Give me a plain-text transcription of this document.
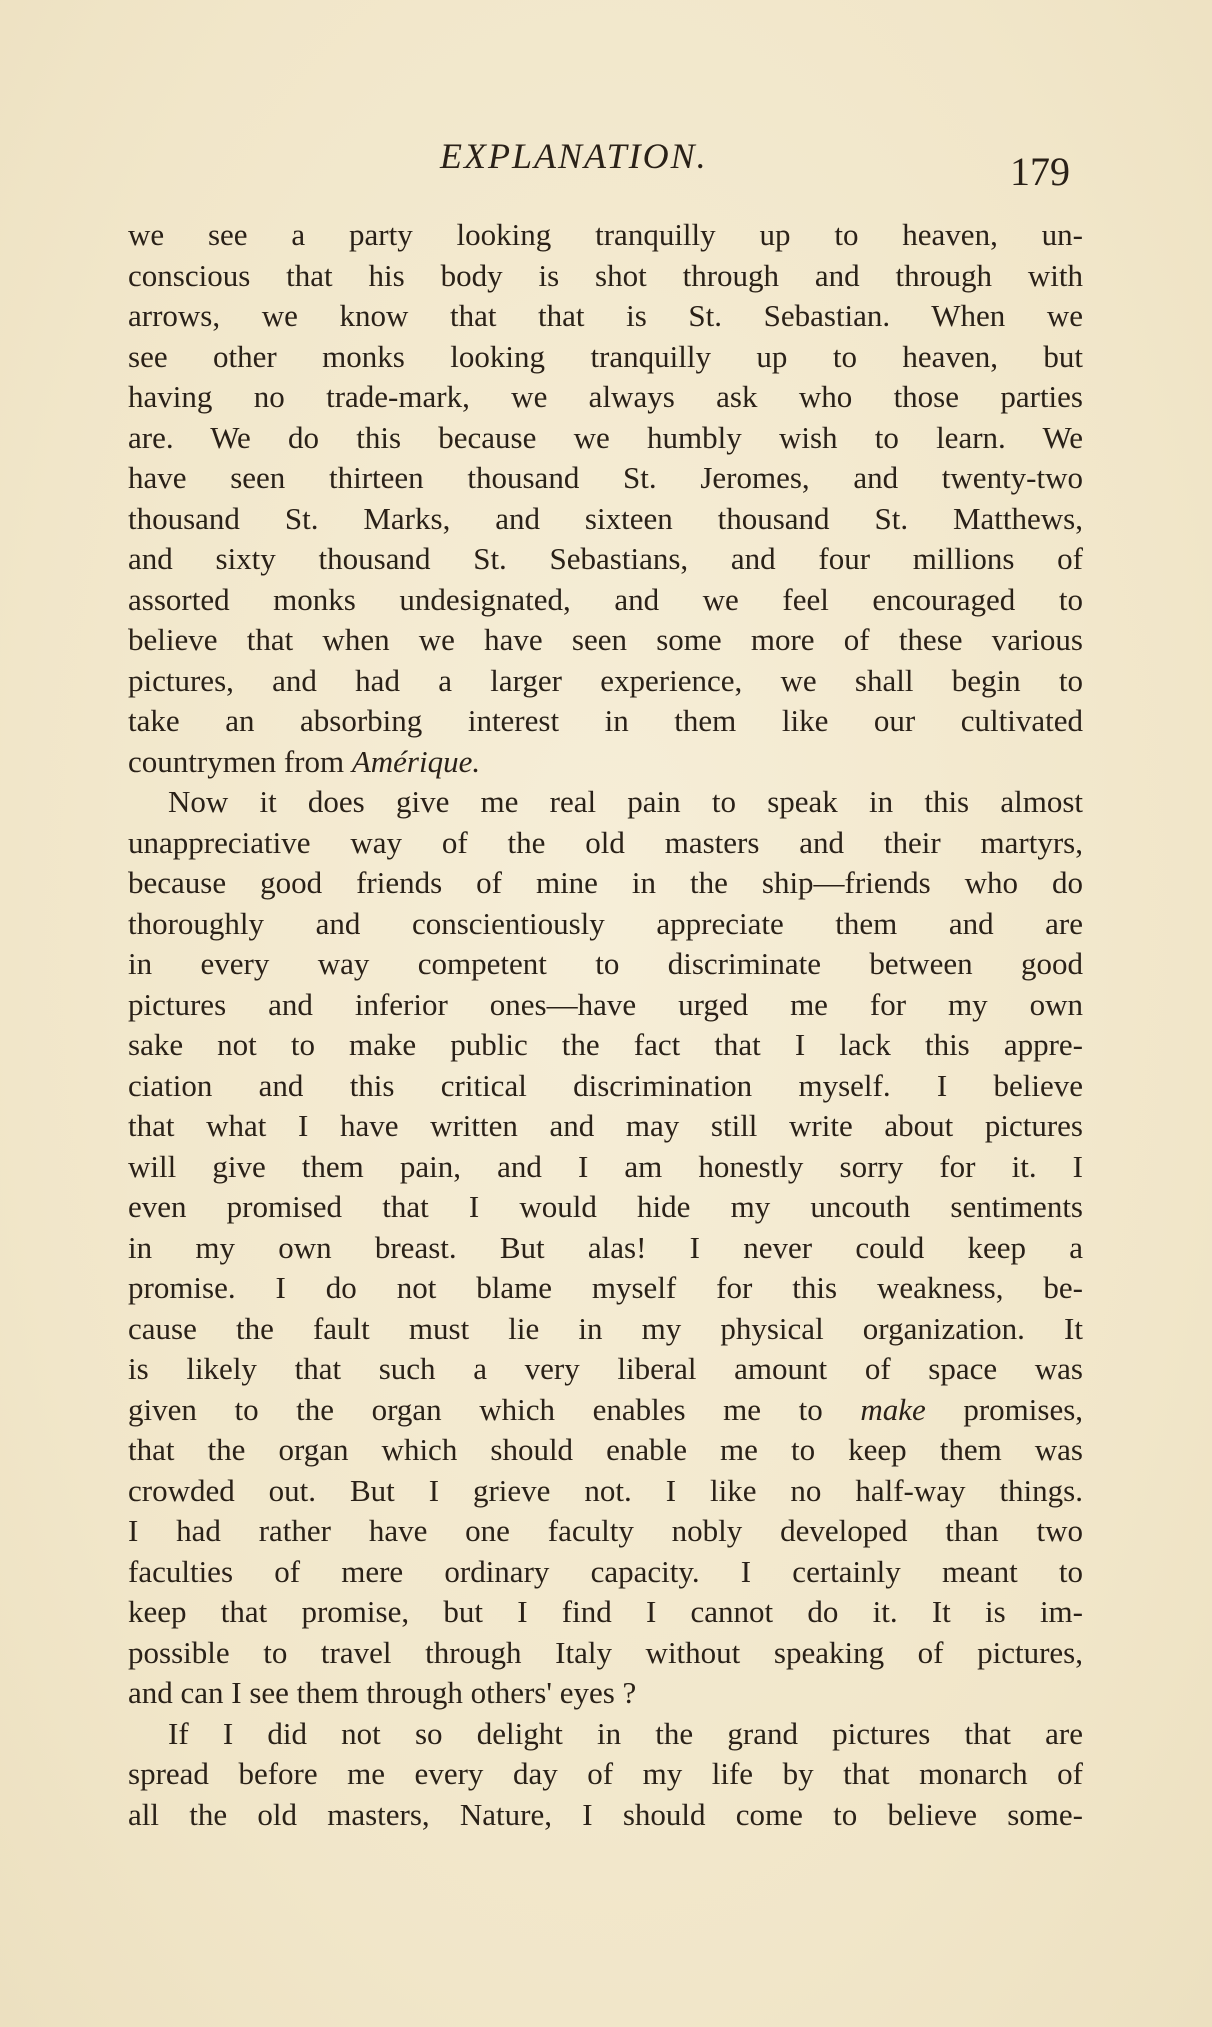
EXPLANATION.	179
we see a party looking tranquilly up to heaven, un-
conscious that his body is shot through and through with
arrows, we know that that is St. Sebastian. When we
see other monks looking tranquilly up to heaven, but
having no trade-mark, we always ask who those parties
are. We do this because we humbly wish to learn. We
have seen thirteen thousand St. Jeromes, and twenty-two
thousand St. Marks, and sixteen thousand St. Matthews,
and sixty thousand St. Sebastians, and four millions of
assorted monks undesignated, and we feel encouraged to
believe that when we have seen some more of these various
pictures, and had a larger experience, we shall begin to
take an absorbing interest in them like our cultivated
countrymen from Amérique.
Now it does give me real pain to speak in this almost
unappreciative way of the old masters and their martyrs,
because good friends of mine in the ship—friends who do
thoroughly and conscientiously appreciate them and are
in every way competent to discriminate between good
pictures and inferior ones—have urged me for my own
sake not to make public the fact that I lack this appre-
ciation and this critical discrimination myself. I believe
that what I have written and may still write about pictures
will give them pain, and I am honestly sorry for it. I
even promised that I would hide my uncouth sentiments
in my own breast. But alas! I never could keep a
promise. I do not blame myself for this weakness, be-
cause the fault must lie in my physical organization. It
is likely that such a very liberal amount of space was
given to the organ which enables me to make promises,
that the organ which should enable me to keep them was
crowded out. But I grieve not. I like no half-way things.
I had rather have one faculty nobly developed than two
faculties of mere ordinary capacity. I certainly meant to
keep that promise, but I find I cannot do it. It is im-
possible to travel through Italy without speaking of pictures,
and can I see them through others' eyes ?
If I did not so delight in the grand pictures that are
spread before me every day of my life by that monarch of
all the old masters, Nature, I should come to believe some-
